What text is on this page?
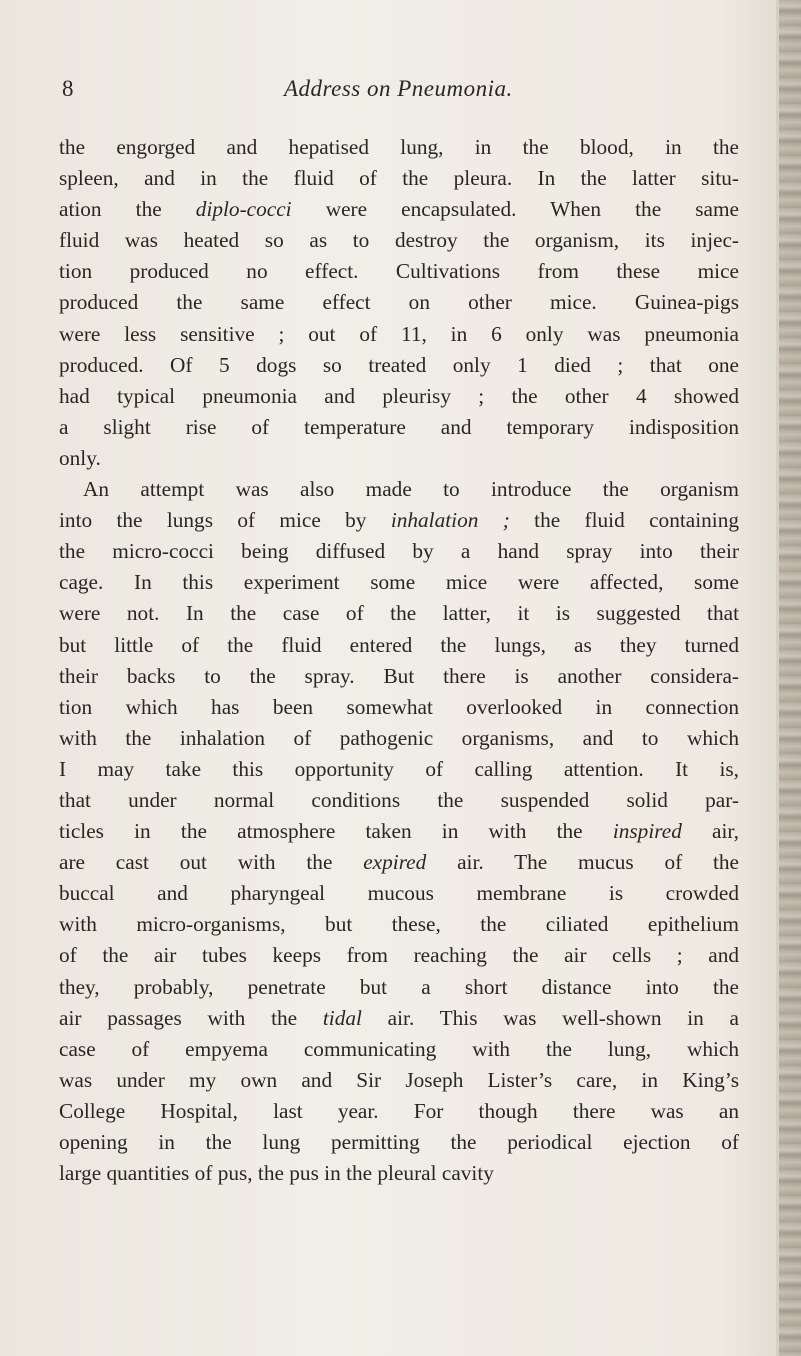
8	Address on Pneumonia.
the engorged and hepatised lung, in the blood, in the
spleen, and in the fluid of the pleura. In the latter situ-
ation the diplo-cocci were encapsulated. When the same
fluid was heated so as to destroy the organism, its injec-
tion produced no effect. Cultivations from these mice
produced the same effect on other mice. Guinea-pigs
were less sensitive ; out of 11, in 6 only was pneumonia
produced. Of 5 dogs so treated only 1 died ; that one
had typical pneumonia and pleurisy ; the other 4 showed
a slight rise of temperature and temporary indisposition
only.
An attempt was also made to introduce the organism
into the lungs of mice by inhalation ; the fluid containing
the micro-cocci being diffused by a hand spray into their
cage. In this experiment some mice were affected, some
were not. In the case of the latter, it is suggested that
but little of the fluid entered the lungs, as they turned
their backs to the spray. But there is another considera-
tion which has been somewhat overlooked in connection
with the inhalation of pathogenic organisms, and to which
I may take this opportunity of calling attention. It is,
that under normal conditions the suspended solid par-
ticles in the atmosphere taken in with the inspired air,
are cast out with the expired air. The mucus of the
buccal and pharyngeal mucous membrane is crowded
with micro-organisms, but these, the ciliated epithelium
of the air tubes keeps from reaching the air cells ; and
they, probably, penetrate but a short distance into the
air passages with the tidal air. This was well-shown in a
case of empyema communicating with the lung, which
was under my own and Sir Joseph Lister’s care, in King’s
College Hospital, last year. For though there was an
opening in the lung permitting the periodical ejection of
large quantities of pus, the pus in the pleural cavity
